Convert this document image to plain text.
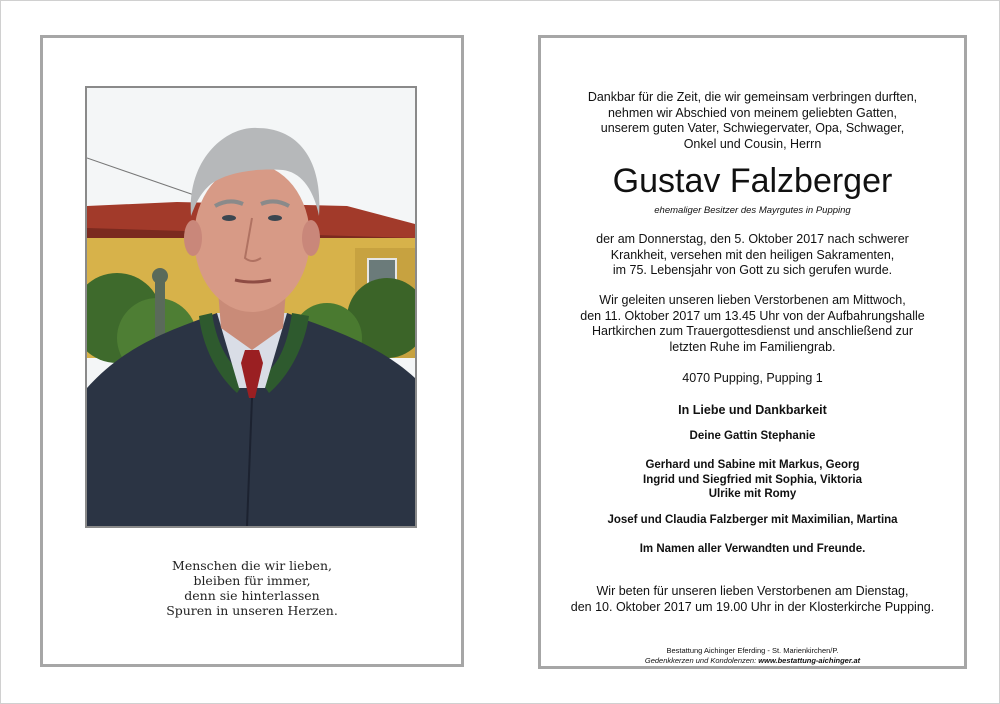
Menschen die wir lieben,
bleiben für immer,
denn sie hinterlassen
Spuren in unseren Herzen.
Dankbar für die Zeit, die wir gemeinsam verbringen durften,
nehmen wir Abschied von meinem geliebten Gatten,
unserem guten Vater, Schwiegervater, Opa, Schwager,
Onkel und Cousin, Herrn
Gustav Falzberger
ehemaliger Besitzer des Mayrgutes in Pupping
der am Donnerstag, den 5. Oktober 2017 nach schwerer
Krankheit, versehen mit den heiligen Sakramenten,
im 75. Lebensjahr von Gott zu sich gerufen wurde.
Wir geleiten unseren lieben Verstorbenen am Mittwoch,
den 11. Oktober 2017 um 13.45 Uhr von der Aufbahrungshalle
Hartkirchen zum Trauergottesdienst und anschließend zur
letzten Ruhe im Familiengrab.
4070 Pupping, Pupping 1
In Liebe und Dankbarkeit
Deine Gattin Stephanie
Gerhard und Sabine mit Markus, Georg
Ingrid und Siegfried mit Sophia, Viktoria
Ulrike mit Romy
Josef und Claudia Falzberger mit Maximilian, Martina
Im Namen aller Verwandten und Freunde.
Wir beten für unseren lieben Verstorbenen am Dienstag,
den 10. Oktober 2017 um 19.00 Uhr in der Klosterkirche Pupping.
Bestattung Aichinger Eferding - St. Marienkirchen/P.
Gedenkkerzen und Kondolenzen: www.bestattung-aichinger.at
